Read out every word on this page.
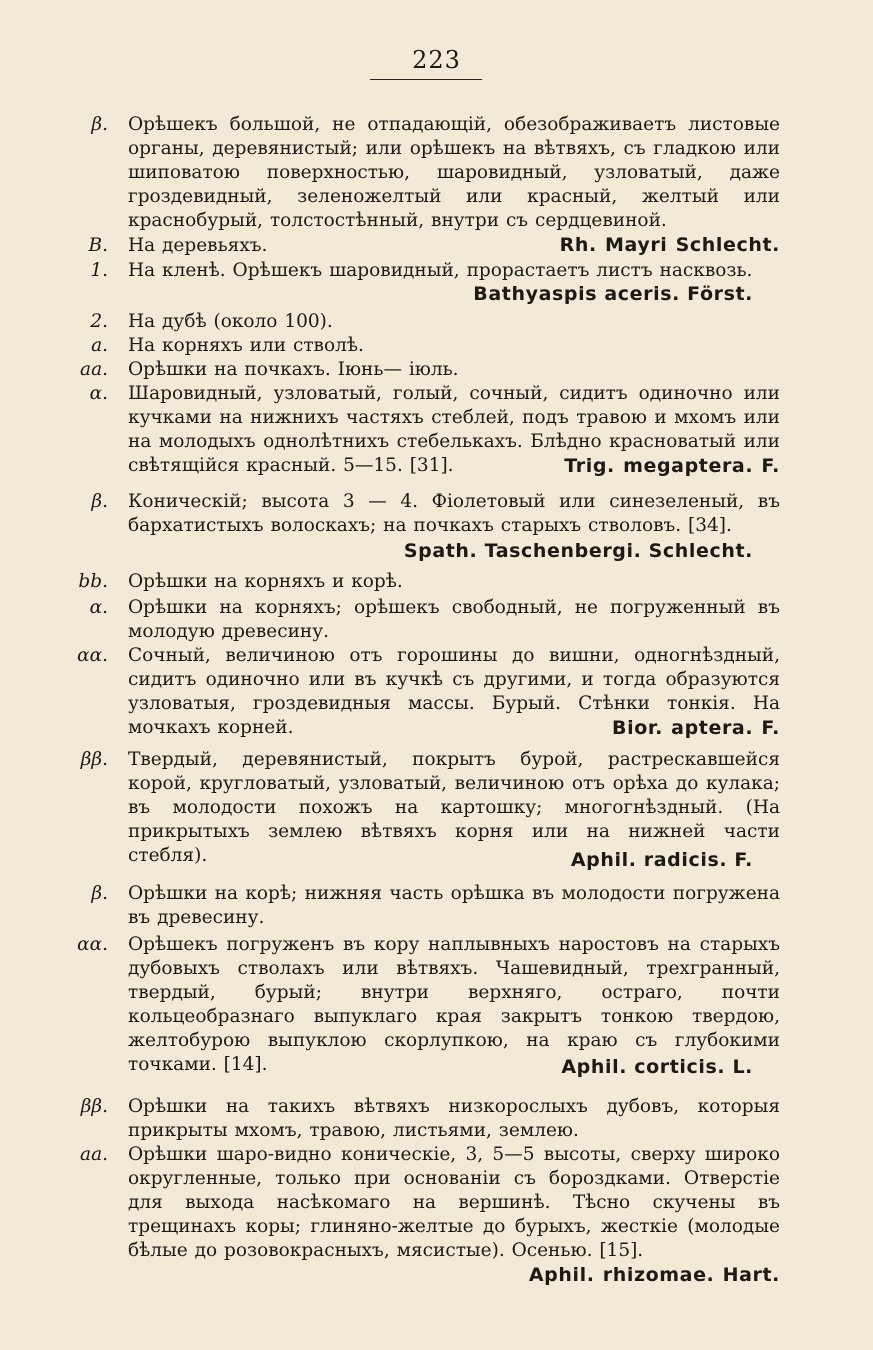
223
β. Орѣшекъ большой, не отпадающій, обезображиваетъ листовые органы, деревянистый; или орѣшекъ на вѣтвяхъ, съ гладкою или шиповатою поверхностью, шаровидный, узловатый, даже гроздевидный, зеленожелтый или красный, желтый или краснобурый, толстостѣнный, внутри съ сердцевиной.
Rh. Mayri Schlecht.
B. На деревьяхъ.
1. На кленѣ. Орѣшекъ шаровидный, прорастаетъ листъ насквозь.
Bathyaspis aceris. Först.
2. На дубѣ (около 100).
a. На корняхъ или стволѣ.
aa. Орѣшки на почкахъ. Іюнь— іюль.
α. Шаровидный, узловатый, голый, сочный, сидитъ одиночно или кучками на нижнихъ частяхъ стеблей, подъ травою и мхомъ или на молодыхъ однолѣтнихъ стебелькахъ. Блѣдно красноватый или свѣтящійся красный. 5—15. [31].	Trig. megaptera. F.
β. Коническій; высота 3 — 4. Фіолетовый или синезеленый, въ бархатистыхъ волоскахъ; на почкахъ старыхъ стволовъ. [34].
Spath. Taschenbergi. Schlecht.
bb. Орѣшки на корняхъ и корѣ.
α. Орѣшки на корняхъ; орѣшекъ свободный, не погруженный въ молодую древесину.
αα. Сочный, величиною отъ горошины до вишни, одногнѣздный, сидитъ одиночно или въ кучкѣ съ другими, и тогда образуются узловатыя, гроздевидныя массы. Бурый. Стѣнки тонкія. На мочкахъ корней.	Bior. aptera. F.
ββ. Твердый, деревянистый, покрытъ бурой, растрескавшейся корой, кругловатый, узловатый, величиною отъ орѣха до кулака; въ молодости похожъ на картошку; многогнѣздный. (На прикрытыхъ землею вѣтвяхъ корня или на нижней части стебля).	Aphil. radicis. F.
β. Орѣшки на корѣ; нижняя часть орѣшка въ молодости погружена въ древесину.
αα. Орѣшекъ погруженъ въ кору наплывныхъ наростовъ на старыхъ дубовыхъ стволахъ или вѣтвяхъ. Чашевидный, трехгранный, твердый, бурый; внутри верхняго, остраго, почти кольцеобразнаго выпуклаго края закрытъ тонкою твердою, желтобурою выпуклою скорлупкою, на краю съ глубокими точками. [14].	Aphil. corticis. L.
ββ. Орѣшки на такихъ вѣтвяхъ низкорослыхъ дубовъ, которыя прикрыты мхомъ, травою, листьями, землею.
aa. Орѣшки шаро-видно коническіе, 3, 5—5 высоты, сверху широко округленные, только при основаніи съ бороздками. Отверстіе для выхода насѣкомаго на вершинѣ. Тѣсно скучены въ трещинахъ коры; глиняно-желтые до бурыхъ, жесткіе (молодые бѣлые до розовокрасныхъ, мясистые). Осенью. [15].
Aphil. rhizomae. Hart.
